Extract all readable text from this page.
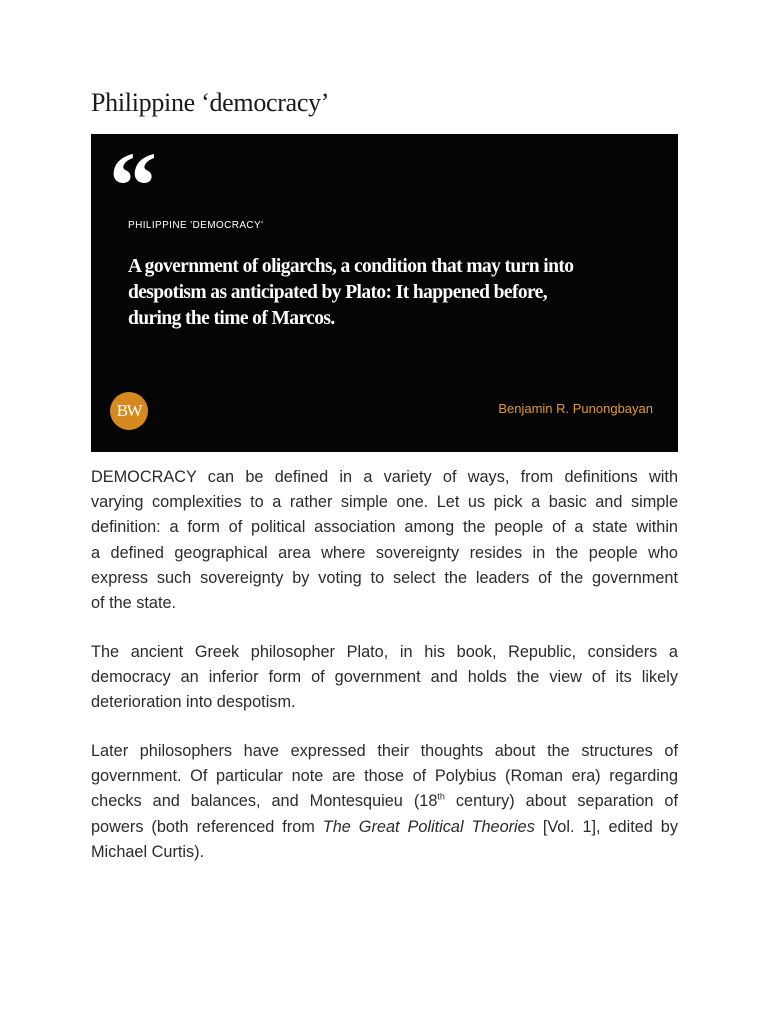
Philippine ‘democracy’
“
PHILIPPINE 'DEMOCRACY'

A government of oligarchs, a condition that may turn into
despotism as anticipated by Plato: It happened before,
during the time of Marcos.

BW	Benjamin R. Punongbayan

DEMOCRACY can be defined in a variety of ways, from definitions with
varying complexities to a rather simple one. Let us pick a basic and simple
definition: a form of political association among the people of a state within
a defined geographical area where sovereignty resides in the people who
express such sovereignty by voting to select the leaders of the government
of the state.

The ancient Greek philosopher Plato, in his book, Republic, considers a
democracy an inferior form of government and holds the view of its likely
deterioration into despotism.

Later philosophers have expressed their thoughts about the structures of
government. Of particular note are those of Polybius (Roman era) regarding
checks and balances, and Montesquieu (18th century) about separation of
powers (both referenced from The Great Political Theories [Vol. 1], edited by
Michael Curtis).
